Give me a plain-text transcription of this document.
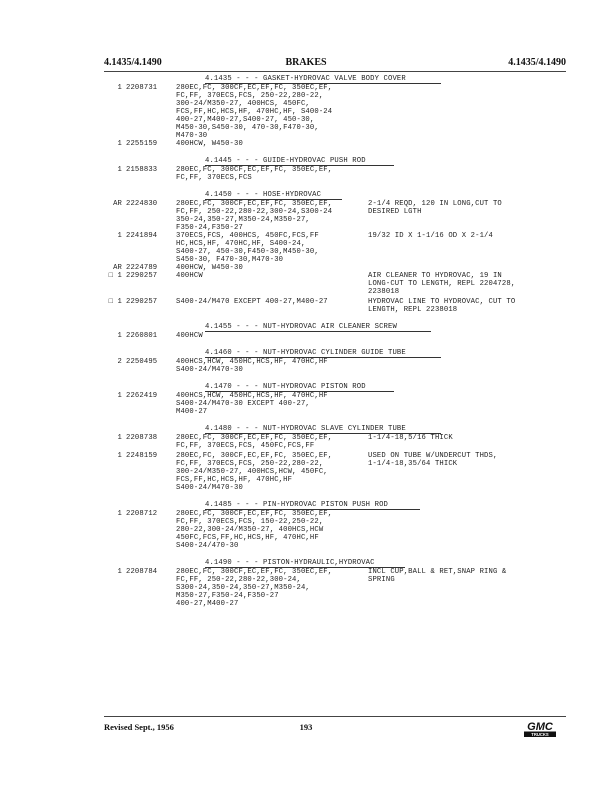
4.1435/4.1490	BRAKES	4.1435/4.1490
4.1435 - - - GASKET-HYDROVAC VALVE BODY COVER
1 2208731	280EC,FC, 300CF,EC,EF,FC, 350EC,EF,
FC,FF, 370ECS,FCS, 250-22,280-22,
300-24/M350-27, 400HCS, 450FC,
FCS,FF,HC,HCS,HF, 470HC,HF, S400-24
400-27,M400-27,S400-27, 450-30,
M450-30,S450-30, 470-30,F470-30,
M470-30
1 2255159	400HCW, W450-30
4.1445 - - - GUIDE-HYDROVAC PUSH ROD
1 2158833	280EC,FC, 300CF,EC,EF,FC, 350EC,EF,
FC,FF, 370ECS,FCS
4.1450 - - - HOSE-HYDROVAC
AR 2224830	280EC,FC, 300CF,EC,EF,FC, 350EC,EF,	2-1/4 REQD, 120 IN LONG,CUT TO
FC,FF, 250-22,280-22,300-24,S300-24	DESIRED LGTH
350-24,350-27,M350-24,M350-27,
F350-24,F350-27
1 2241894	370ECS,FCS, 400HCS, 450FC,FCS,FF	19/32 ID X 1-1/16 OD X 2-1/4
HC,HCS,HF, 470HC,HF, S400-24,
S400-27, 450-30,F450-30,M450-30,
S450-30, F470-30,M470-30
AR 2224789	400HCW, W450-30
□ 1 2290257	400HCW	AIR CLEANER TO HYDROVAC, 19 IN
LONG-CUT TO LENGTH, REPL 2204728,
2238018
□ 1 2290257	S400-24/M470 EXCEPT 400-27,M400-27	HYDROVAC LINE TO HYDROVAC, CUT TO
LENGTH, REPL 2238018
4.1455 - - - NUT-HYDROVAC AIR CLEANER SCREW
1 2260801	400HCW
4.1460 - - - NUT-HYDROVAC CYLINDER GUIDE TUBE
2 2250495	400HCS,HCW, 450HC,HCS,HF, 470HC,HF
S400-24/M470-30
4.1470 - - - NUT-HYDROVAC PISTON ROD
1 2262419	400HCS,HCW, 450HC,HCS,HF, 470HC,HF
S400-24/M470-30 EXCEPT 400-27,
M400-27
4.1480 - - - NUT-HYDROVAC SLAVE CYLINDER TUBE
1 2208738	280EC,FC, 300CF,EC,EF,FC, 350EC,EF,	1-1/4-18,5/16 THICK
FC,FF, 370ECS,FCS, 450FC,FCS,FF
1 2248159	280EC,FC, 300CF,EC,EF,FC, 350EC,EF,	USED ON TUBE W/UNDERCUT THDS,
FC,FF, 370ECS,FCS, 250-22,280-22,	1-1/4-18,35/64 THICK
300-24/M350-27, 400HCS,HCW, 450FC,
FCS,FF,HC,HCS,HF, 470HC,HF
S400-24/M470-30
4.1485 - - - PIN-HYDROVAC PISTON PUSH ROD
1 2208712	280EC,FC, 300CF,EC,EF,FC, 350EC,EF,
FC,FF, 370ECS,FCS, 150-22,250-22,
280-22,300-24/M350-27, 400HCS,HCW
450FC,FCS,FF,HC,HCS,HF, 470HC,HF
S400-24/470-30
4.1490 - - - PISTON-HYDRAULIC,HYDROVAC
1 2208784	280EC,FC, 300CF,EC,EF,FC, 350EC,EF,	INCL CUP,BALL & RET,SNAP RING &
FC,FF, 250-22,280-22,300-24,	SPRING
S300-24,350-24,350-27,M350-24,
M350-27,F350-24,F350-27
400-27,M400-27
Revised Sept., 1956	193	GMC
TRUCKS
